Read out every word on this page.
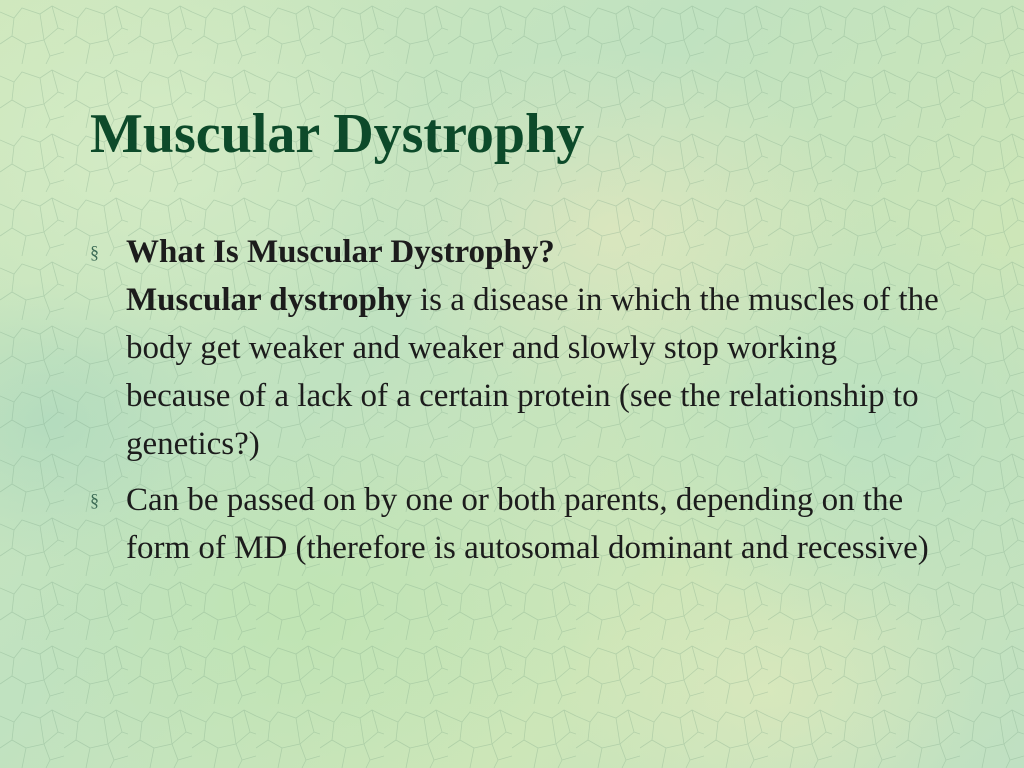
Muscular Dystrophy
§ What Is Muscular Dystrophy?
Muscular dystrophy is a disease in which the muscles of the body get weaker and weaker and slowly stop working because of a lack of a certain protein (see the relationship to genetics?)
§ Can be passed on by one or both parents, depending on the form of MD (therefore is autosomal dominant and recessive)
